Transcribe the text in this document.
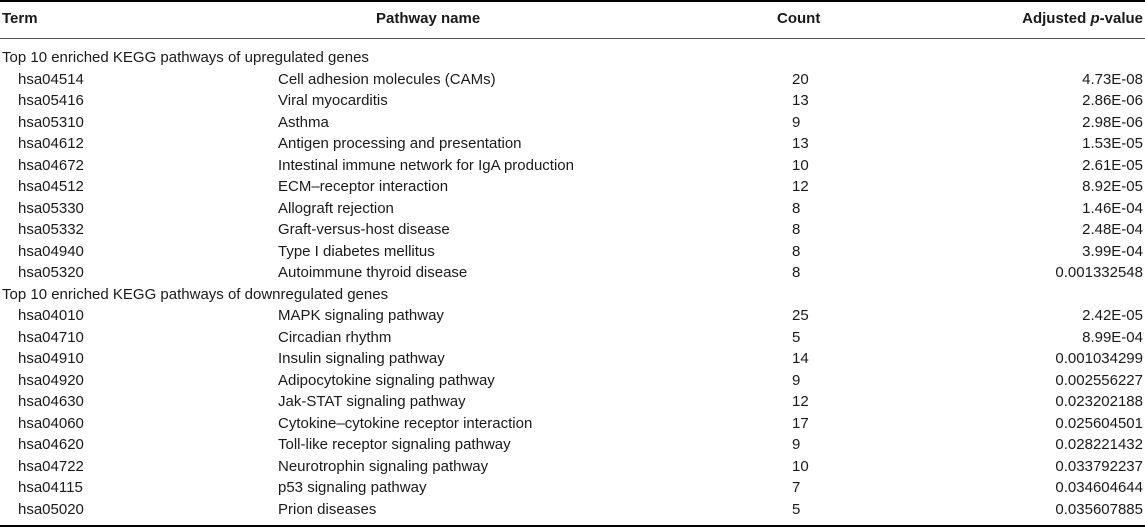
Term	Pathway name	Count	Adjusted p-value
Top 10 enriched KEGG pathways of upregulated genes
hsa04514	Cell adhesion molecules (CAMs)	20	4.73E-08
hsa05416	Viral myocarditis	13	2.86E-06
hsa05310	Asthma	9	2.98E-06
hsa04612	Antigen processing and presentation	13	1.53E-05
hsa04672	Intestinal immune network for IgA production	10	2.61E-05
hsa04512	ECM–receptor interaction	12	8.92E-05
hsa05330	Allograft rejection	8	1.46E-04
hsa05332	Graft-versus-host disease	8	2.48E-04
hsa04940	Type I diabetes mellitus	8	3.99E-04
hsa05320	Autoimmune thyroid disease	8	0.001332548
Top 10 enriched KEGG pathways of downregulated genes
hsa04010	MAPK signaling pathway	25	2.42E-05
hsa04710	Circadian rhythm	5	8.99E-04
hsa04910	Insulin signaling pathway	14	0.001034299
hsa04920	Adipocytokine signaling pathway	9	0.002556227
hsa04630	Jak-STAT signaling pathway	12	0.023202188
hsa04060	Cytokine–cytokine receptor interaction	17	0.025604501
hsa04620	Toll-like receptor signaling pathway	9	0.028221432
hsa04722	Neurotrophin signaling pathway	10	0.033792237
hsa04115	p53 signaling pathway	7	0.034604644
hsa05020	Prion diseases	5	0.035607885
